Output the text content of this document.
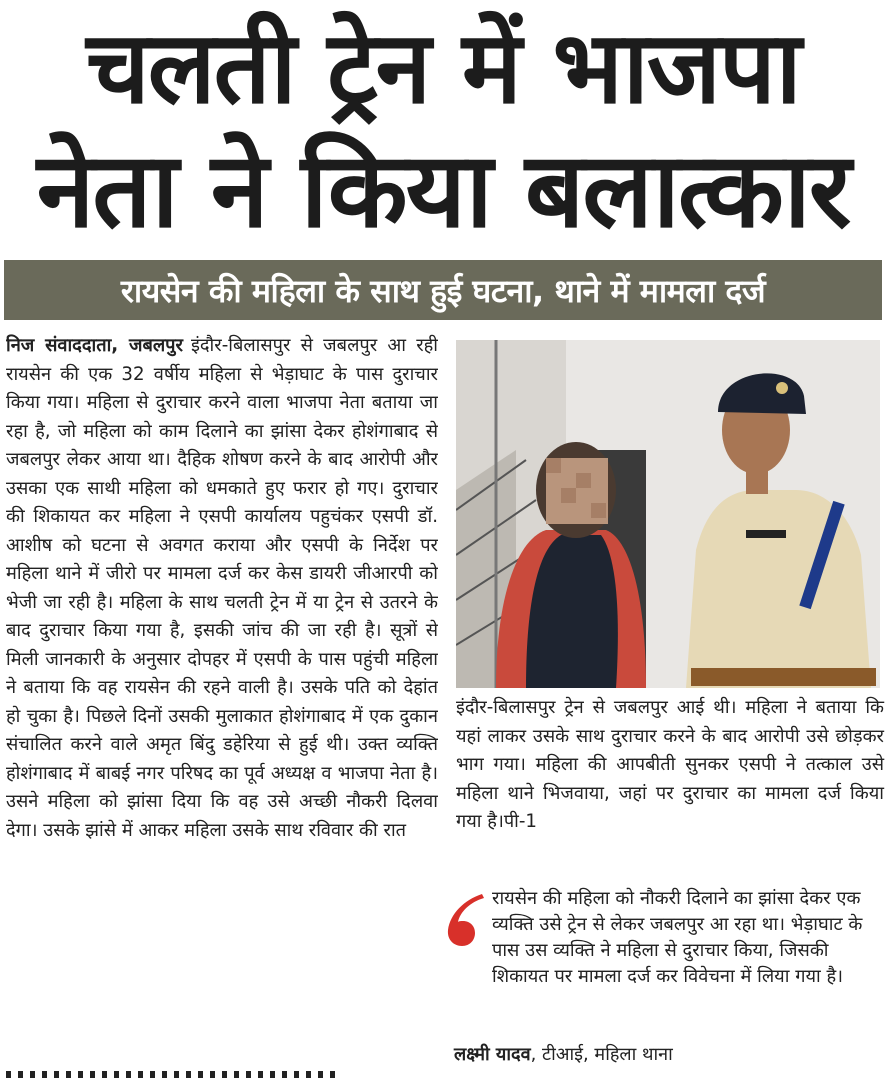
चलती ट्रेन में भाजपा
नेता ने किया बलात्कार
रायसेन की महिला के साथ हुई घटना, थाने में मामला दर्ज
निज संवाददाता, जबलपुर इंदौर-बिलासपुर से जबलपुर आ रही रायसेन की एक 32 वर्षीय महिला से भेड़ाघाट के पास दुराचार किया गया। महिला से दुराचार करने वाला भाजपा नेता बताया जा रहा है, जो महिला को काम दिलाने का झांसा देकर होशंगाबाद से जबलपुर लेकर आया था। दैहिक शोषण करने के बाद आरोपी और उसका एक साथी महिला को धमकाते हुए फरार हो गए। दुराचार की शिकायत कर महिला ने एसपी कार्यालय पहुचंकर एसपी डॉ. आशीष को घटना से अवगत कराया और एसपी के निर्देश पर महिला थाने में जीरो पर मामला दर्ज कर केस डायरी जीआरपी को भेजी जा रही है। महिला के साथ चलती ट्रेन में या ट्रेन से उतरने के बाद दुराचार किया गया है, इसकी जांच की जा रही है। सूत्रों से मिली जानकारी के अनुसार दोपहर में एसपी के पास पहुंची महिला ने बताया कि वह रायसेन की रहने वाली है। उसके पति को देहांत हो चुका है। पिछले दिनों उसकी मुलाकात होशंगाबाद में एक दुकान संचालित करने वाले अमृत बिंदु डहेरिया से हुई थी। उक्त व्यक्ति होशंगाबाद में बाबई नगर परिषद का पूर्व अध्यक्ष व भाजपा नेता है। उसने महिला को झांसा दिया कि वह उसे अच्छी नौकरी दिलवा देगा। उसके झांसे में आकर महिला उसके साथ रविवार की रात
इंदौर-बिलासपुर ट्रेन से जबलपुर आई थी। महिला ने बताया कि यहां लाकर उसके साथ दुराचार करने के बाद आरोपी उसे छोड़कर भाग गया। महिला की आपबीती सुनकर एसपी ने तत्काल उसे महिला थाने भिजवाया, जहां पर दुराचार का मामला दर्ज किया गया है।पी-1
रायसेन की महिला को नौकरी दिलाने का झांसा देकर एक व्यक्ति उसे ट्रेन से लेकर जबलपुर आ रहा था। भेड़ाघाट के पास उस व्यक्ति ने महिला से दुराचार किया, जिसकी शिकायत पर मामला दर्ज कर विवेचना में लिया गया है।
लक्ष्मी यादव, टीआई, महिला थाना
